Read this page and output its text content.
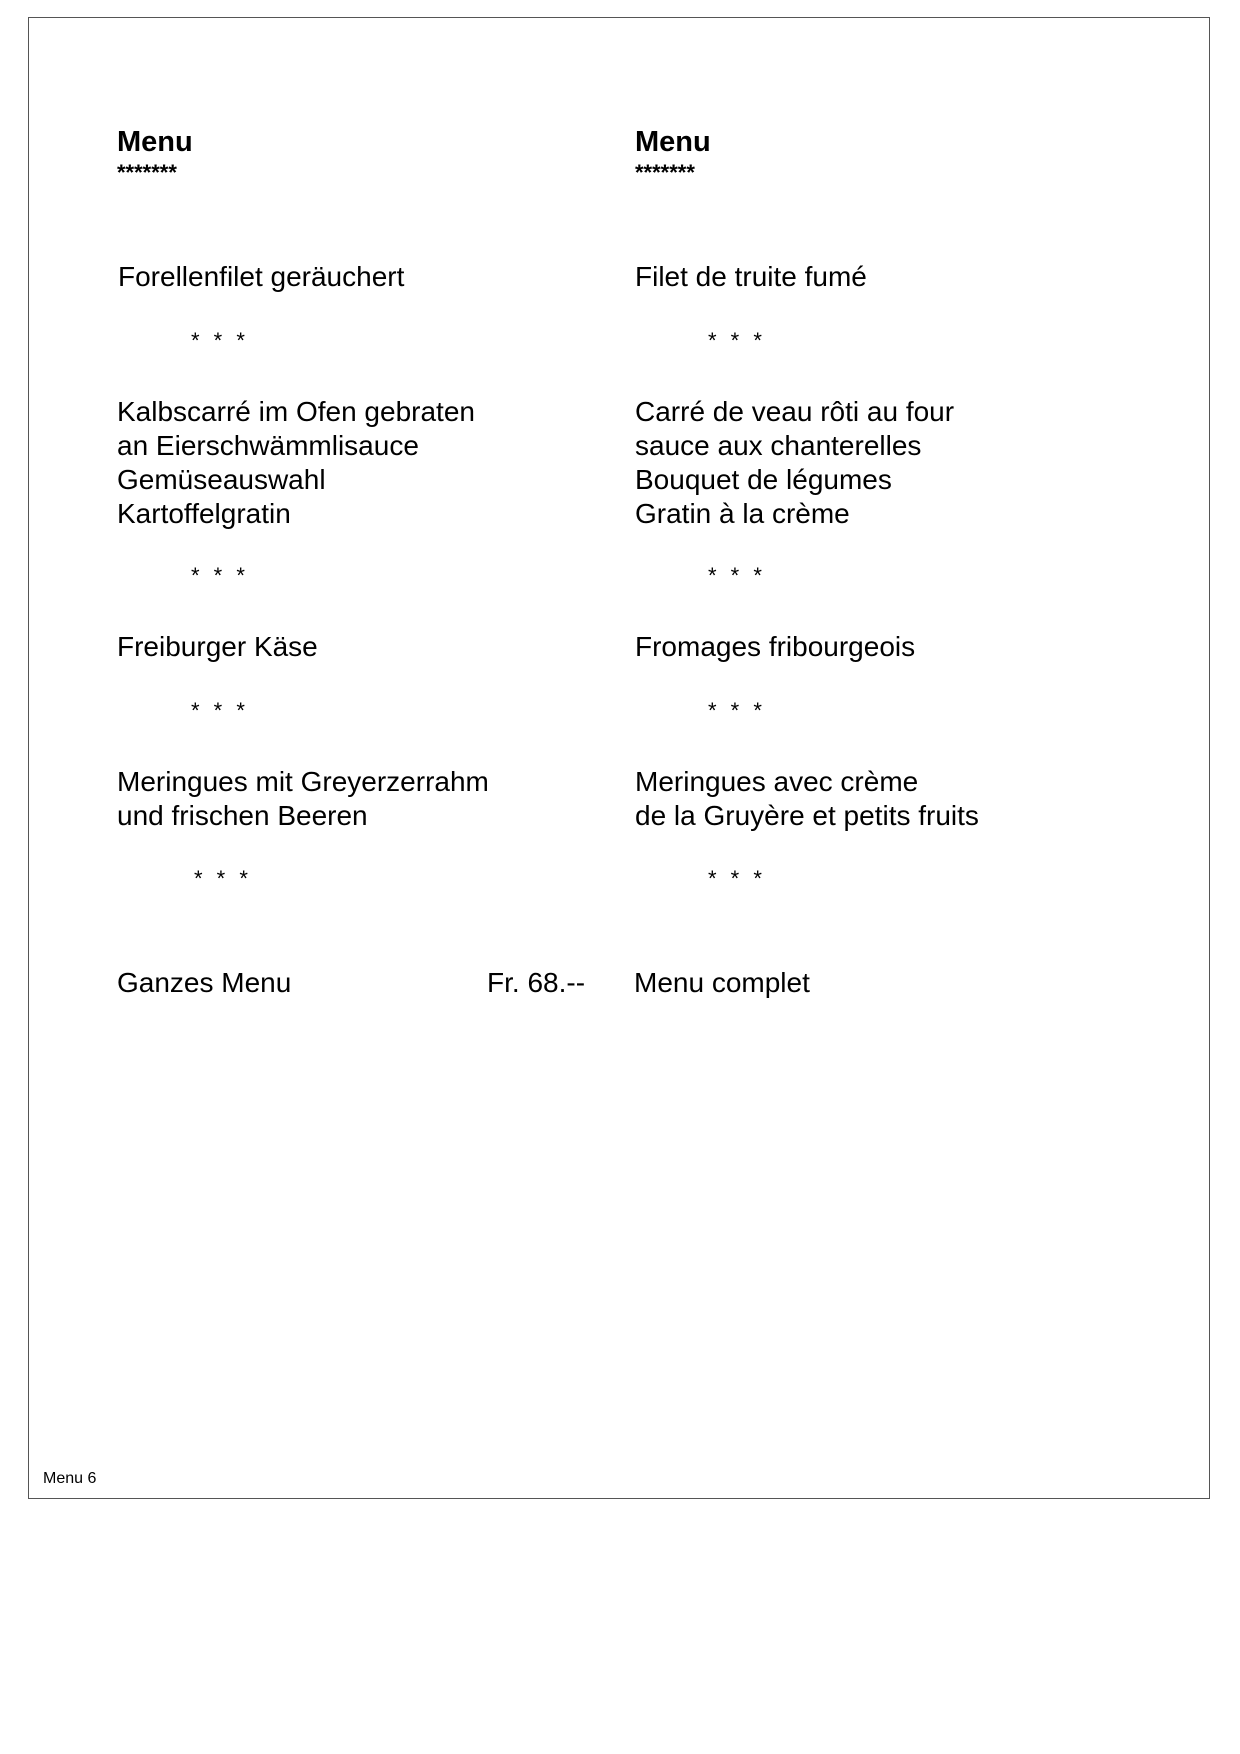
Menu
*******
Forellenfilet geräuchert
* * *
Kalbscarré im Ofen gebraten
an Eierschwämmlisauce
Gemüseauswahl
Kartoffelgratin
* * *
Freiburger Käse
* * *
Meringues mit Greyerzerrahm
und frischen Beeren
* * *
Ganzes Menu	Fr. 68.--
Menu
*******
Filet de truite fumé
* * *
Carré de veau rôti au four
sauce aux chanterelles
Bouquet de légumes
Gratin à la crème
* * *
Fromages fribourgeois
* * *
Meringues avec crème
de la Gruyère et petits fruits
* * *
Menu complet
Menu 6
